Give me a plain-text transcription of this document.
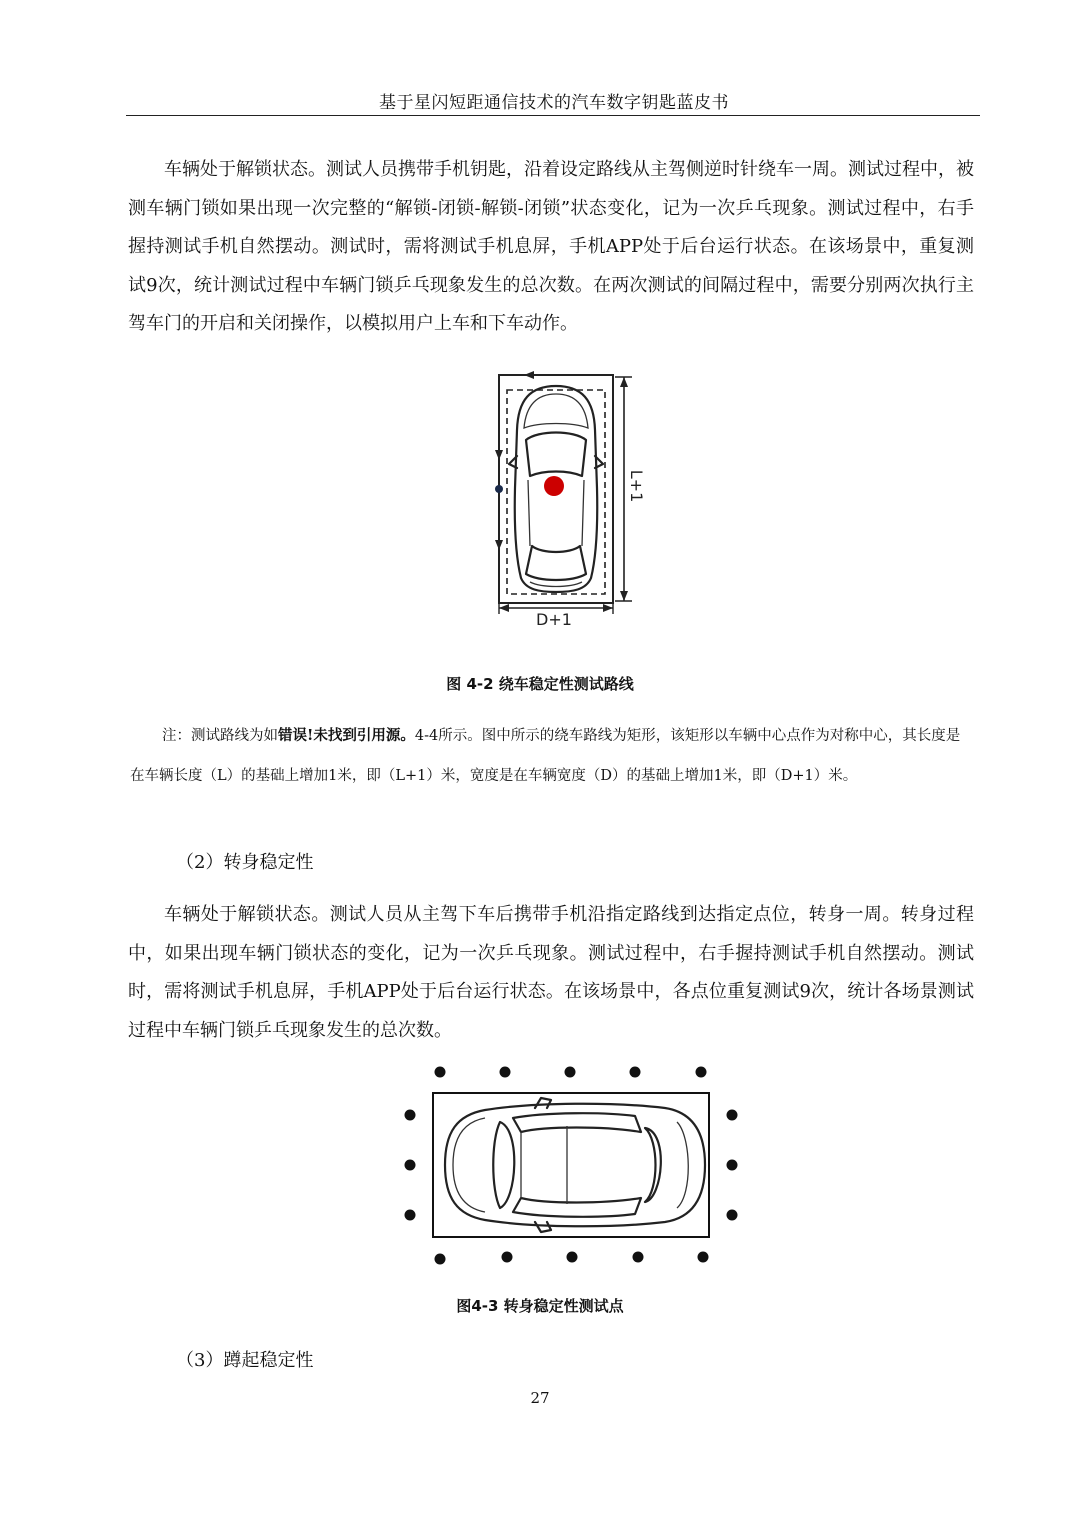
基于星闪短距通信技术的汽车数字钥匙蓝皮书

车辆处于解锁状态。测试人员携带手机钥匙，沿着设定路线从主驾侧逆时针绕车一周。测试过程中，被测车辆门锁如果出现一次完整的“解锁-闭锁-解锁-闭锁”状态变化，记为一次乒乓现象。测试过程中，右手握持测试手机自然摆动。测试时，需将测试手机息屏，手机APP处于后台运行状态。在该场景中，重复测试9次，统计测试过程中车辆门锁乒乓现象发生的总次数。在两次测试的间隔过程中，需要分别两次执行主驾车门的开启和关闭操作，以模拟用户上车和下车动作。

L+1
D+1
图 4-2 绕车稳定性测试路线

注：测试路线为如错误!未找到引用源。4-4所示。图中所示的绕车路线为矩形，该矩形以车辆中心点作为对称中心，其长度是在车辆长度（L）的基础上增加1米，即（L+1）米，宽度是在车辆宽度（D）的基础上增加1米，即（D+1）米。

（2）转身稳定性

车辆处于解锁状态。测试人员从主驾下车后携带手机沿指定路线到达指定点位，转身一周。转身过程中，如果出现车辆门锁状态的变化，记为一次乒乓现象。测试过程中，右手握持测试手机自然摆动。测试时，需将测试手机息屏，手机APP处于后台运行状态。在该场景中，各点位重复测试9次，统计各场景测试过程中车辆门锁乒乓现象发生的总次数。

图4-3 转身稳定性测试点
（3）蹲起稳定性
27
